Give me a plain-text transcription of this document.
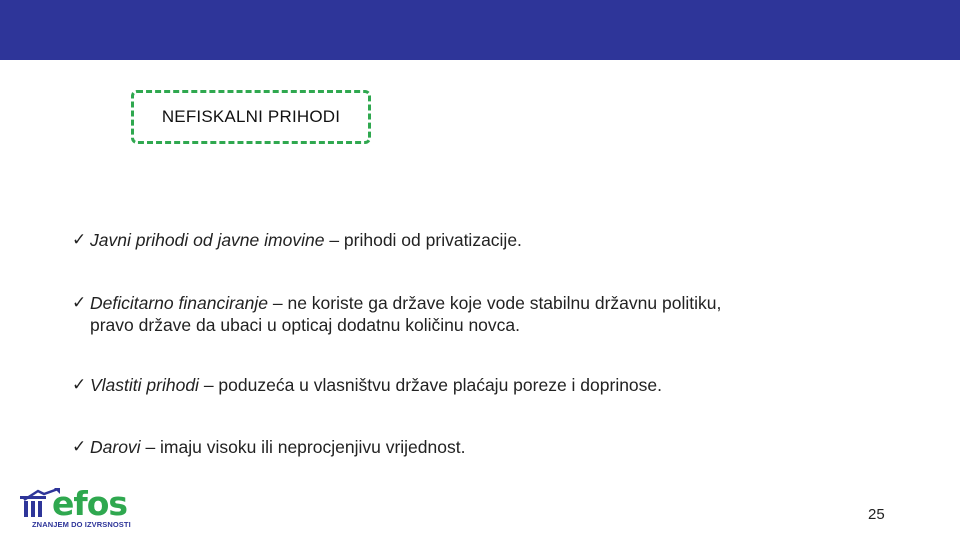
NEFISKALNI PRIHODI
✓ Javni prihodi od javne imovine – prihodi od privatizacije.
✓ Deficitarno financiranje – ne koriste ga države koje vode stabilnu državnu politiku, pravo države da ubaci u opticaj dodatnu količinu novca.
✓ Vlastiti prihodi – poduzeća u vlasništvu države plaćaju poreze i doprinose.
✓ Darovi – imaju visoku ili neprocjenjivu vrijednost.
efos
ZNANJEM DO IZVRSNOSTI
25
